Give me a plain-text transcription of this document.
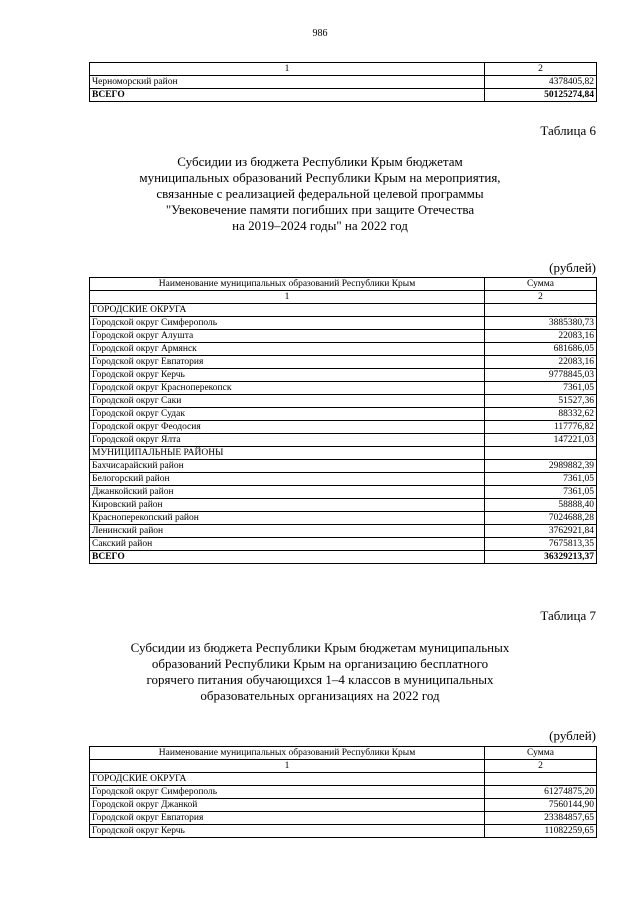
986
1	2
Черноморский район	4378405,82
ВСЕГО	50125274,84
Таблица 6
Субсидии из бюджета Республики Крым бюджетам
муниципальных образований Республики Крым на мероприятия,
связанные с реализацией федеральной целевой программы
"Увековечение памяти погибших при защите Отечества
на 2019–2024 годы" на 2022 год
(рублей)
Наименование муниципальных образований Республики Крым	Сумма
1	2
ГОРОДСКИЕ ОКРУГА	
Городской округ Симферополь	3885380,73
Городской округ Алушта	22083,16
Городской округ Армянск	681686,05
Городской округ Евпатория	22083,16
Городской округ Керчь	9778845,03
Городской округ Красноперекопск	7361,05
Городской округ Саки	51527,36
Городской округ Судак	88332,62
Городской округ Феодосия	117776,82
Городской округ Ялта	147221,03
МУНИЦИПАЛЬНЫЕ РАЙОНЫ	
Бахчисарайский район	2989882,39
Белогорский район	7361,05
Джанкойский район	7361,05
Кировский район	58888,40
Красноперекопский район	7024688,28
Ленинский район	3762921,84
Сакский район	7675813,35
ВСЕГО	36329213,37
Таблица 7
Субсидии из бюджета Республики Крым бюджетам муниципальных
образований Республики Крым на организацию бесплатного
горячего питания обучающихся 1–4 классов в муниципальных
образовательных организациях на 2022 год
(рублей)
Наименование муниципальных образований Республики Крым	Сумма
1	2
ГОРОДСКИЕ ОКРУГА	
Городской округ Симферополь	61274875,20
Городской округ Джанкой	7560144,90
Городской округ Евпатория	23384857,65
Городской округ Керчь	11082259,65
